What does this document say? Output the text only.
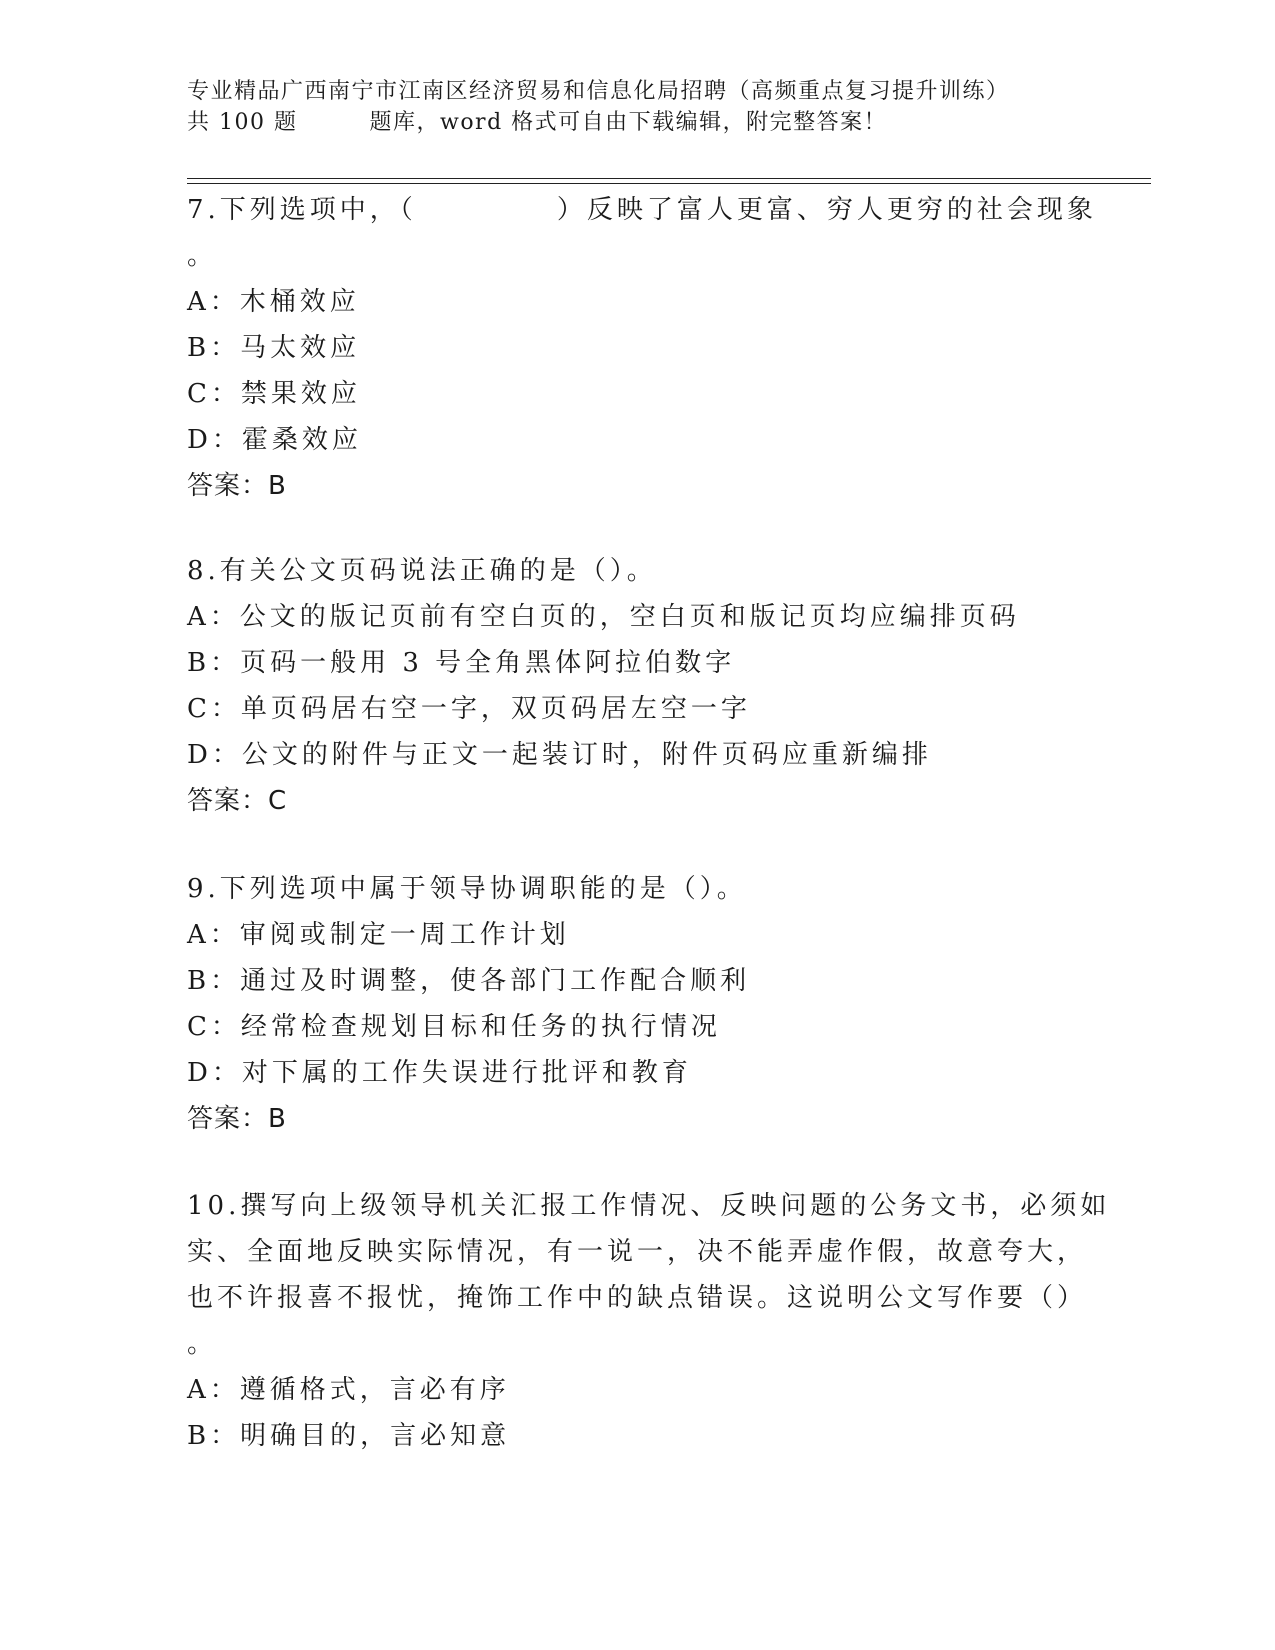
专业精品广西南宁市江南区经济贸易和信息化局招聘（高频重点复习提升训练）
共 100 题	题库，word 格式可自由下载编辑，附完整答案！
7.下列选项中，（	）反映了富人更富、穷人更穷的社会现象
。
A：木桶效应
B：马太效应
C：禁果效应
D：霍桑效应
答案：B
8.有关公文页码说法正确的是（）。
A：公文的版记页前有空白页的，空白页和版记页均应编排页码
B：页码一般用 3 号全角黑体阿拉伯数字
C：单页码居右空一字，双页码居左空一字
D：公文的附件与正文一起装订时，附件页码应重新编排
答案：C
9.下列选项中属于领导协调职能的是（）。
A：审阅或制定一周工作计划
B：通过及时调整，使各部门工作配合顺利
C：经常检查规划目标和任务的执行情况
D：对下属的工作失误进行批评和教育
答案：B
10.撰写向上级领导机关汇报工作情况、反映问题的公务文书，必须如
实、全面地反映实际情况，有一说一，决不能弄虚作假，故意夸大，
也不许报喜不报忧，掩饰工作中的缺点错误。这说明公文写作要（）
。
A：遵循格式，言必有序
B：明确目的，言必知意
